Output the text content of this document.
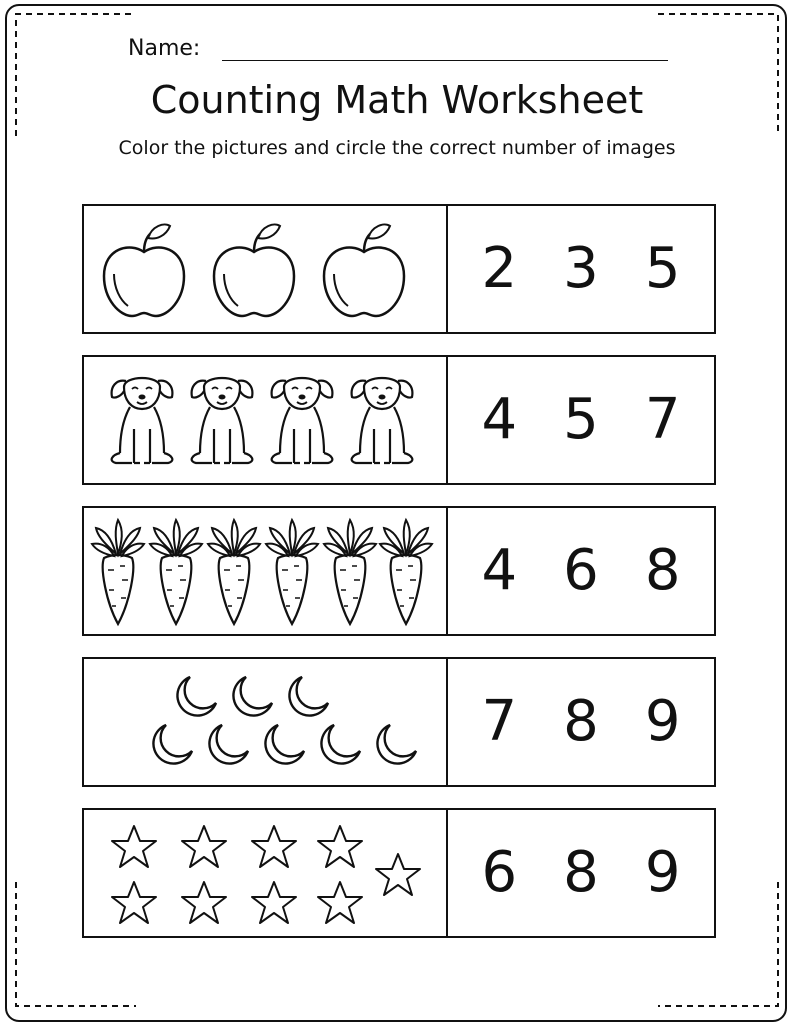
Name:
Counting Math Worksheet
Color the pictures and circle the correct number of images
2 3 5
4 5 7
4 6 8
7 8 9
6 8 9
